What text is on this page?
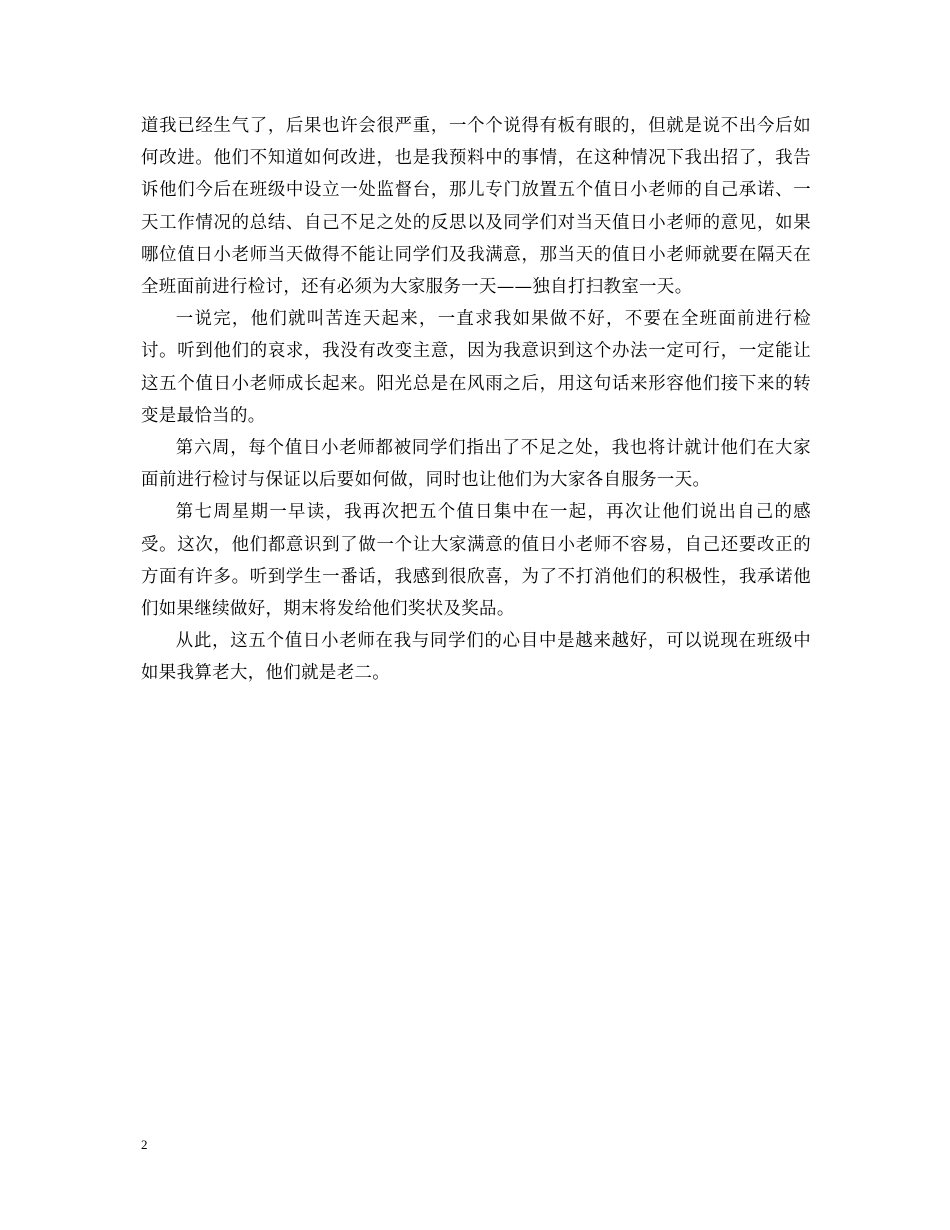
道我已经生气了，后果也许会很严重，一个个说得有板有眼的，但就是说不出今后如何改进。他们不知道如何改进，也是我预料中的事情，在这种情况下我出招了，我告诉他们今后在班级中设立一处监督台，那儿专门放置五个值日小老师的自己承诺、一天工作情况的总结、自己不足之处的反思以及同学们对当天值日小老师的意见，如果哪位值日小老师当天做得不能让同学们及我满意，那当天的值日小老师就要在隔天在全班面前进行检讨，还有必须为大家服务一天——独自打扫教室一天。

一说完，他们就叫苦连天起来，一直求我如果做不好，不要在全班面前进行检讨。听到他们的哀求，我没有改变主意，因为我意识到这个办法一定可行，一定能让这五个值日小老师成长起来。阳光总是在风雨之后，用这句话来形容他们接下来的转变是最恰当的。

第六周，每个值日小老师都被同学们指出了不足之处，我也将计就计他们在大家面前进行检讨与保证以后要如何做，同时也让他们为大家各自服务一天。

第七周星期一早读，我再次把五个值日集中在一起，再次让他们说出自己的感受。这次，他们都意识到了做一个让大家满意的值日小老师不容易，自己还要改正的方面有许多。听到学生一番话，我感到很欣喜，为了不打消他们的积极性，我承诺他们如果继续做好，期末将发给他们奖状及奖品。

从此，这五个值日小老师在我与同学们的心目中是越来越好，可以说现在班级中如果我算老大，他们就是老二。

2
